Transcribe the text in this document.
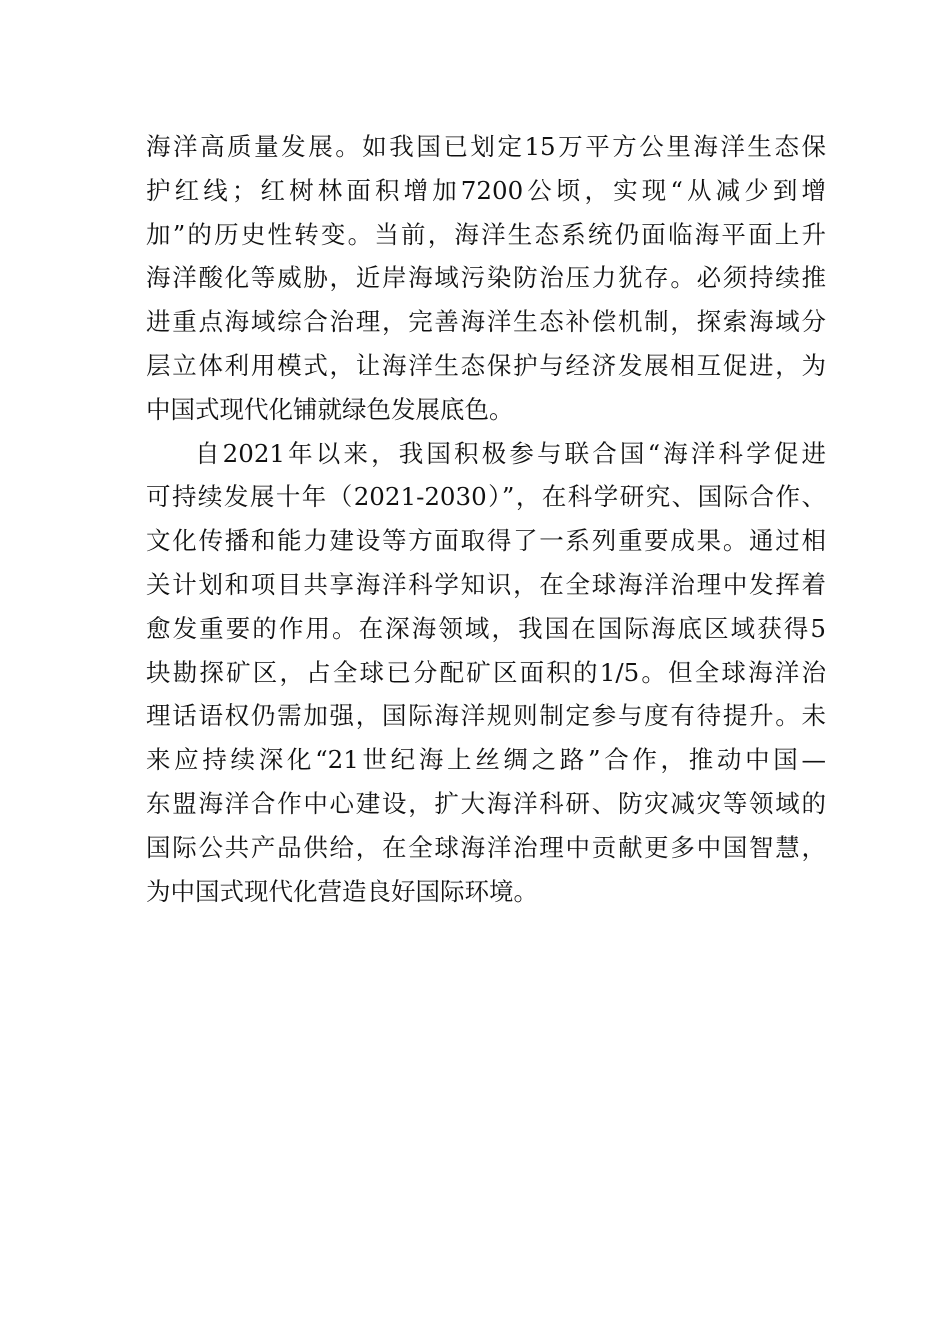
海洋高质量发展。如我国已划定15万平方公里海洋生态保
护红线；红树林面积增加7200公顷，实现“从减少到增
加”的历史性转变。当前，海洋生态系统仍面临海平面上升
海洋酸化等威胁，近岸海域污染防治压力犹存。必须持续推
进重点海域综合治理，完善海洋生态补偿机制，探索海域分
层立体利用模式，让海洋生态保护与经济发展相互促进，为
中国式现代化铺就绿色发展底色。
自2021年以来，我国积极参与联合国“海洋科学促进
可持续发展十年（2021-2030）”，在科学研究、国际合作、
文化传播和能力建设等方面取得了一系列重要成果。通过相
关计划和项目共享海洋科学知识，在全球海洋治理中发挥着
愈发重要的作用。在深海领域，我国在国际海底区域获得5
块勘探矿区，占全球已分配矿区面积的1/5。但全球海洋治
理话语权仍需加强，国际海洋规则制定参与度有待提升。未
来应持续深化“21世纪海上丝绸之路”合作，推动中国—
东盟海洋合作中心建设，扩大海洋科研、防灾减灾等领域的
国际公共产品供给，在全球海洋治理中贡献更多中国智慧，
为中国式现代化营造良好国际环境。
